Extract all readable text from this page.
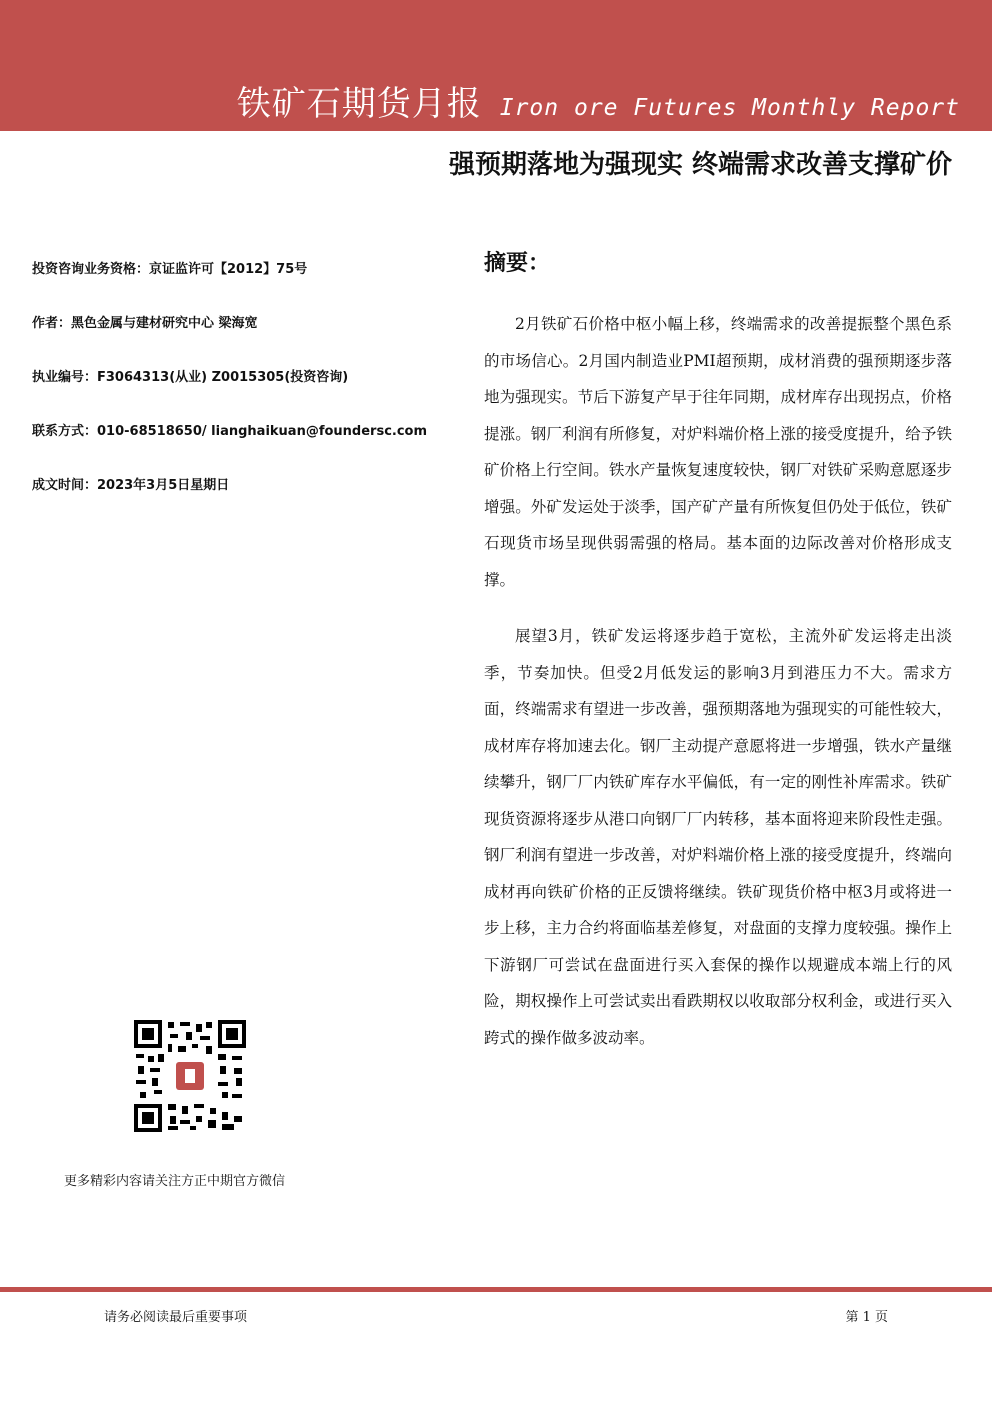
铁矿石期货月报 Iron ore Futures Monthly Report
强预期落地为强现实 终端需求改善支撑矿价
投资咨询业务资格：京证监许可【2012】75号
作者：黑色金属与建材研究中心 梁海宽
执业编号：F3064313(从业) Z0015305(投资咨询)
联系方式：010-68518650/ lianghaikuan@foundersc.com
成文时间：2023年3月5日星期日
摘要：

2月铁矿石价格中枢小幅上移，终端需求的改善提振整个黑色系的市场信心。2月国内制造业PMI超预期，成材消费的强预期逐步落地为强现实。节后下游复产早于往年同期，成材库存出现拐点，价格提涨。钢厂利润有所修复，对炉料端价格上涨的接受度提升，给予铁矿价格上行空间。铁水产量恢复速度较快，钢厂对铁矿采购意愿逐步增强。外矿发运处于淡季，国产矿产量有所恢复但仍处于低位，铁矿石现货市场呈现供弱需强的格局。基本面的边际改善对价格形成支撑。

展望3月，铁矿发运将逐步趋于宽松，主流外矿发运将走出淡季，节奏加快。但受2月低发运的影响3月到港压力不大。需求方面，终端需求有望进一步改善，强预期落地为强现实的可能性较大，成材库存将加速去化。钢厂主动提产意愿将进一步增强，铁水产量继续攀升，钢厂厂内铁矿库存水平偏低，有一定的刚性补库需求。铁矿现货资源将逐步从港口向钢厂厂内转移，基本面将迎来阶段性走强。钢厂利润有望进一步改善，对炉料端价格上涨的接受度提升，终端向成材再向铁矿价格的正反馈将继续。铁矿现货价格中枢3月或将进一步上移，主力合约将面临基差修复，对盘面的支撑力度较强。操作上下游钢厂可尝试在盘面进行买入套保的操作以规避成本端上行的风险，期权操作上可尝试卖出看跌期权以收取部分权利金，或进行买入跨式的操作做多波动率。

更多精彩内容请关注方正中期官方微信
请务必阅读最后重要事项	第 1 页
